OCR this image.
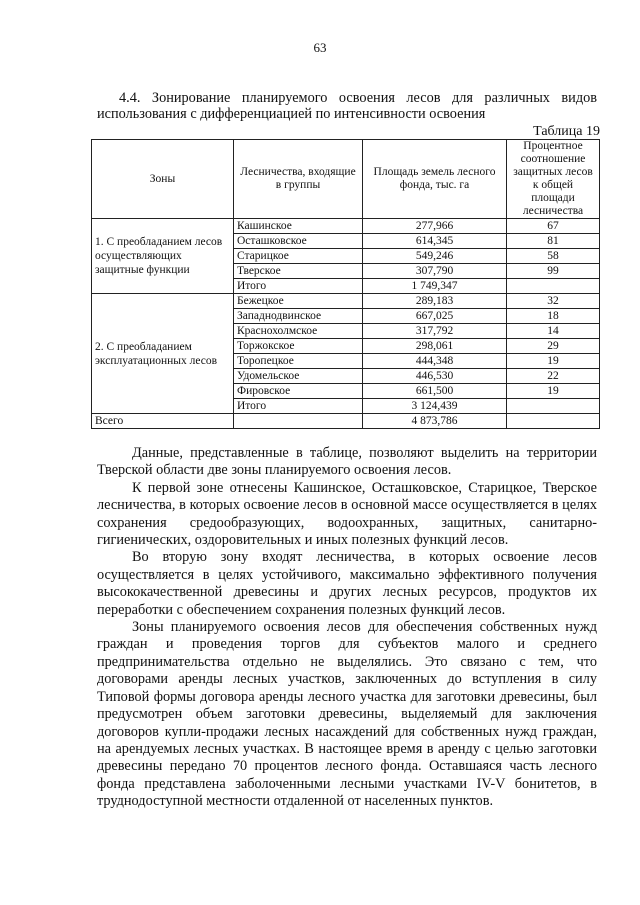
63
4.4. Зонирование планируемого освоения лесов для различных видов использования с дифференциацией по интенсивности освоения
Таблица 19
Зоны	Лесничества, входящие в группы	Площадь земель лесного фонда, тыс. га	Процентное соотношение защитных лесов к общей площади лесничества
1. С преобладанием лесов осуществляющих защитные функции	Кашинское	277,966	67
	Осташковское	614,345	81
	Старицкое	549,246	58
	Тверское	307,790	99
	Итого	1 749,347	
2. С преобладанием эксплуатационных лесов	Бежецкое	289,183	32
	Западнодвинское	667,025	18
	Краснохолмское	317,792	14
	Торжокское	298,061	29
	Торопецкое	444,348	19
	Удомельское	446,530	22
	Фировское	661,500	19
	Итого	3 124,439	
Всего		4 873,786	

Данные, представленные в таблице, позволяют выделить на территории Тверской области две зоны планируемого освоения лесов.

К первой зоне отнесены Кашинское, Осташковское, Старицкое, Тверское лесничества, в которых освоение лесов в основной массе осуществляется в целях сохранения средообразующих, водоохранных, защитных, санитарно-гигиенических, оздоровительных и иных полезных функций лесов.

Во вторую зону входят лесничества, в которых освоение лесов осуществляется в целях устойчивого, максимально эффективного получения высококачественной древесины и других лесных ресурсов, продуктов их переработки с обеспечением сохранения полезных функций лесов.

Зоны планируемого освоения лесов для обеспечения собственных нужд граждан и проведения торгов для субъектов малого и среднего предпринимательства отдельно не выделялись. Это связано с тем, что договорами аренды лесных участков, заключенных до вступления в силу Типовой формы договора аренды лесного участка для заготовки древесины, был предусмотрен объем заготовки древесины, выделяемый для заключения договоров купли-продажи лесных насаждений для собственных нужд граждан, на арендуемых лесных участках. В настоящее время в аренду с целью заготовки древесины передано 70 процентов лесного фонда. Оставшаяся часть лесного фонда представлена заболоченными лесными участками IV-V бонитетов, в труднодоступной местности отдаленной от населенных пунктов.
